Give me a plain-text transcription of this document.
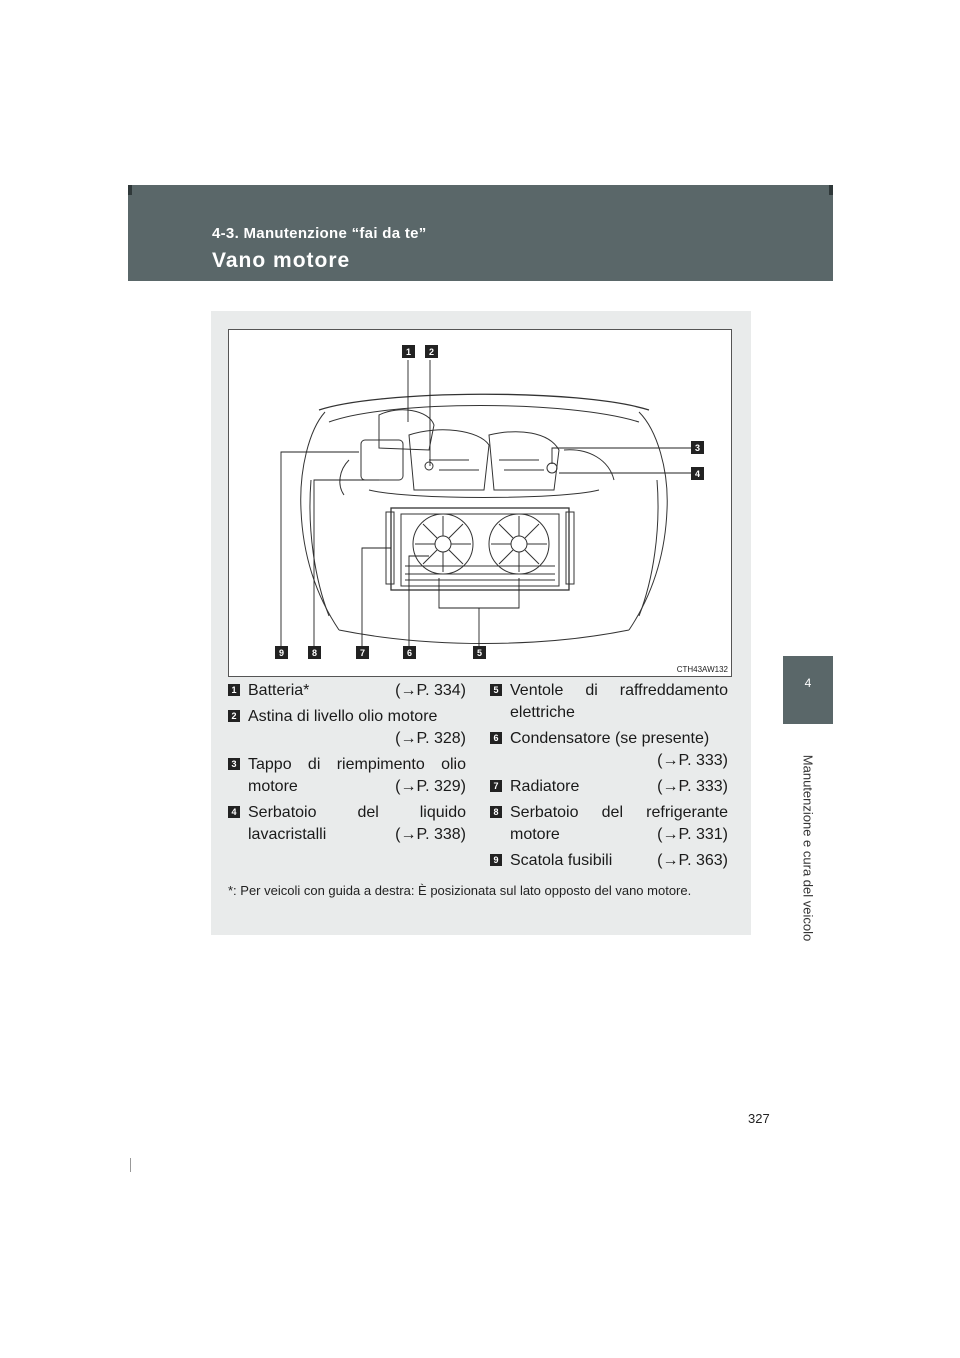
4-3. Manutenzione “fai da te”
Vano motore
4
Manutenzione e cura del veicolo
1 2
3
4
5
6
7
8
9
CTH43AW132
1 Batteria*	(→P. 334)
2 Astina di livello olio motore
(→P. 328)
3 Tappo di riempimento olio
motore	(→P. 329)
4 Serbatoio del liquido
lavacristalli	(→P. 338)
5 Ventole di raffreddamento
elettriche
6 Condensatore (se presente)
(→P. 333)
7 Radiatore	(→P. 333)
8 Serbatoio del refrigerante
motore	(→P. 331)
9 Scatola fusibili	(→P. 363)
*: Per veicoli con guida a destra: È posizionata sul lato opposto del vano motore.
327
